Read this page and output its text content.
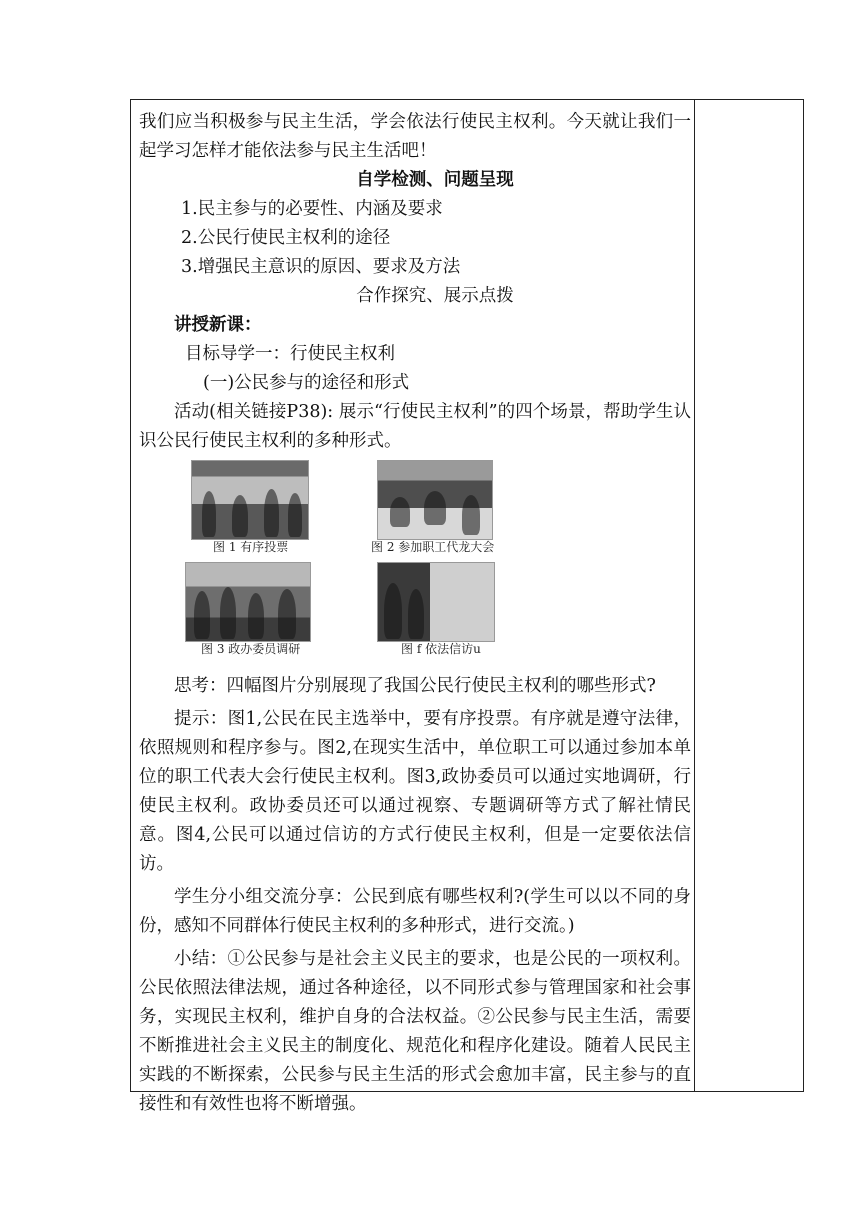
我们应当积极参与民主生活，学会依法行使民主权利。今天就让我们一起学习怎样才能依法参与民主生活吧！

自学检测、问题呈现

1.民主参与的必要性、内涵及要求

2.公民行使民主权利的途径

3.增强民主意识的原因、要求及方法

合作探究、展示点拨

讲授新课：

目标导学一：行使民主权利

(一)公民参与的途径和形式

活动(相关链接P38): 展示“行使民主权利”的四个场景，帮助学生认识公民行使民主权利的多种形式。

图 1 有序投票	图 2 参加职工代龙大会
图 3 政办委员调研	图 f 依法信访u

思考：四幅图片分别展现了我国公民行使民主权利的哪些形式?

提示：图1,公民在民主选举中，要有序投票。有序就是遵守法律，依照规则和程序参与。图2,在现实生活中，单位职工可以通过参加本单位的职工代表大会行使民主权利。图3,政协委员可以通过实地调研，行使民主权利。政协委员还可以通过视察、专题调研等方式了解社情民意。图4,公民可以通过信访的方式行使民主权利，但是一定要依法信访。

学生分小组交流分享：公民到底有哪些权利?(学生可以以不同的身份，感知不同群体行使民主权利的多种形式，进行交流。)

小结：①公民参与是社会主义民主的要求，也是公民的一项权利。公民依照法律法规，通过各种途径，以不同形式参与管理国家和社会事务，实现民主权利，维护自身的合法权益。②公民参与民主生活，需要不断推进社会主义民主的制度化、规范化和程序化建设。随着人民民主实践的不断探索，公民参与民主生活的形式会愈加丰富，民主参与的直接性和有效性也将不断增强。
